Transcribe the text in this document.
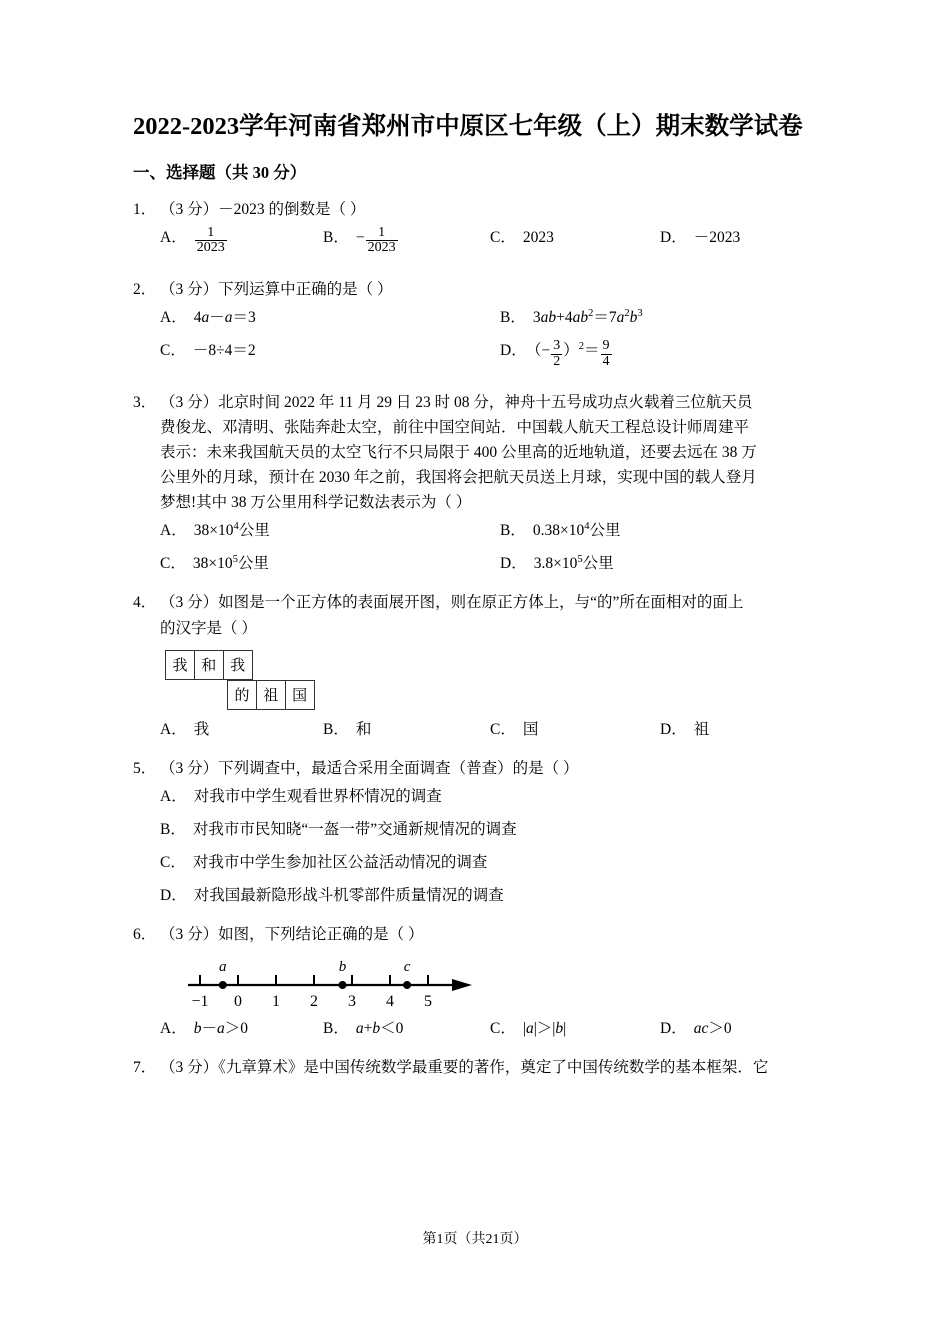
2022-2023学年河南省郑州市中原区七年级（上）期末数学试卷
一、选择题（共 30 分）
1． （3 分）－2023 的倒数是（ ）
A． $\frac{1}{2023}$	B． − $\frac{1}{2023}$	C． 2023	D． －2023
2． （3 分）下列运算中正确的是（ ）
A． 4a－a＝3	B． $3ab+4ab^2=7a^2b^3$
C． －8÷4＝2	D． （− $\frac{3}{2} )^2= \frac{9}{4}$
3． （3 分）北京时间 2022 年 11 月 29 日 23 时 08 分，神舟十五号成功点火载着三位航天员
费俊龙、邓清明、张陆奔赴太空，前往中国空间站．中国载人航天工程总设计师周建平
表示：未来我国航天员的太空飞行不只局限于 400 公里高的近地轨道，还要去远在 38 万
公里外的月球，预计在 2030 年之前，我国将会把航天员送上月球，实现中国的载人登月
梦想!其中 38 万公里用科学记数法表示为（ ）
A． $38\times 10^4$公里	B． $0.38\times 10^4$公里
C． $38\times 10^5$公里	D． $3.8\times 10^5$公里
4． （3 分）如图是一个正方体的表面展开图，则在原正方体上，与“的”所在面相对的面上
的汉字是（ ）
我 和 我
的 祖 国
A． 我	B． 和	C． 国	D． 祖
5． （3 分）下列调查中，最适合采用全面调查（普查）的是（ ）
A． 对我市中学生观看世界杯情况的调查
B． 对我市市民知晓“一盔一带”交通新规情况的调查
C． 对我市中学生参加社区公益活动情况的调查
D． 对我国最新隐形战斗机零部件质量情况的调查
6． （3 分）如图，下列结论正确的是（ ）
a	b	c
−1 0 1 2 3 4 5
A． b－a＞0	B． a+b＜0	C． |a|＞|b|	D． ac＞0
7． （3 分）《九章算术》是中国传统数学最重要的著作，奠定了中国传统数学的基本框架．它
第1页（共21页）
